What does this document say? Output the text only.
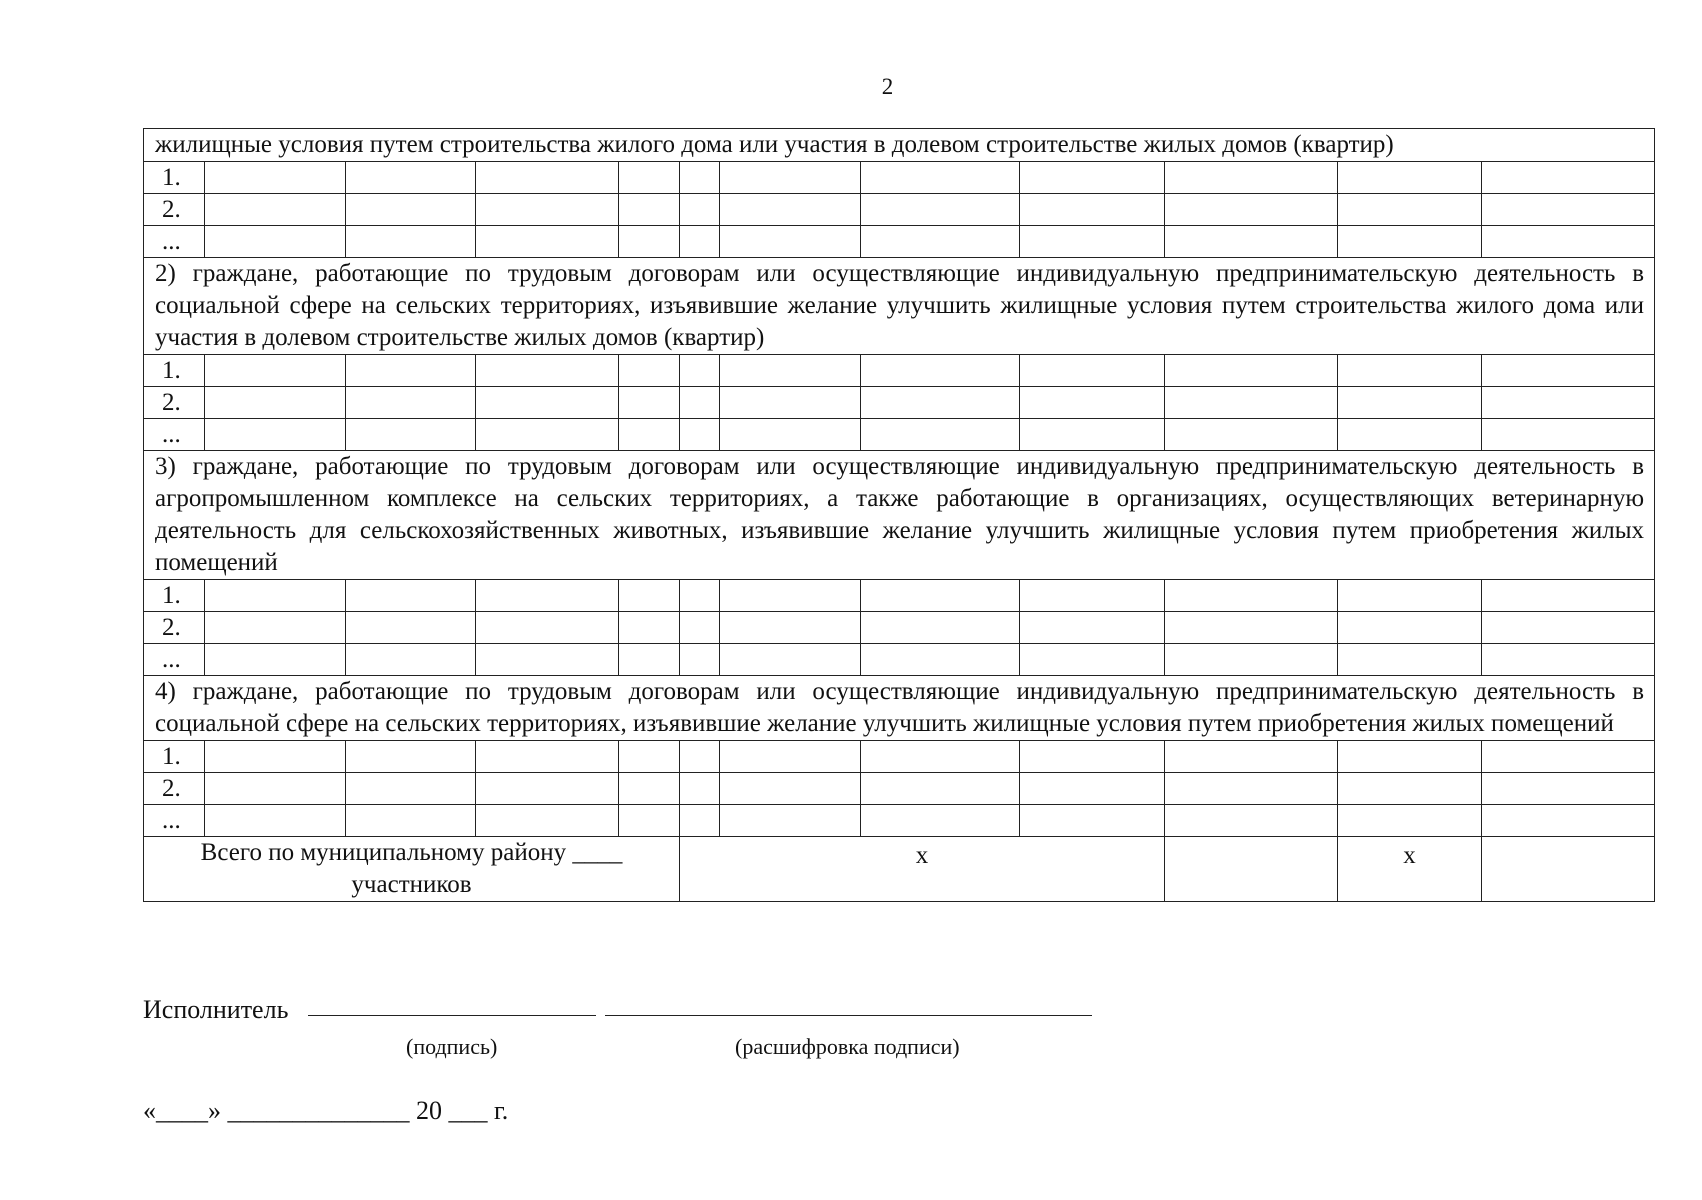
2
жилищные условия путем строительства жилого дома или участия в долевом строительстве жилых домов (квартир)											
1.											
2.											
...											
2) граждане, работающие по трудовым договорам или осуществляющие индивидуальную предпринимательскую деятельность в социальной сфере на сельских территориях, изъявившие желание улучшить жилищные условия путем строительства жилого дома или участия в долевом строительстве жилых домов (квартир)											
1.											
2.											
...											
3) граждане, работающие по трудовым договорам или осуществляющие индивидуальную предпринимательскую деятельность в агропромышленном комплексе на сельских территориях, а также работающие в организациях, осуществляющих ветеринарную деятельность для сельскохозяйственных животных, изъявившие желание улучшить жилищные условия путем приобретения жилых помещений											
1.											
2.											
...											
4) граждане, работающие по трудовым договорам или осуществляющие индивидуальную предпринимательскую деятельность в социальной сфере на сельских территориях, изъявившие желание улучшить жилищные условия путем приобретения жилых помещений											
1.											
2.											
...											
Всего по муниципальному району ____ участников					х					х	
Исполнитель
(подпись)	(расшифровка подписи)
«____» ______________ 20 ___ г.
